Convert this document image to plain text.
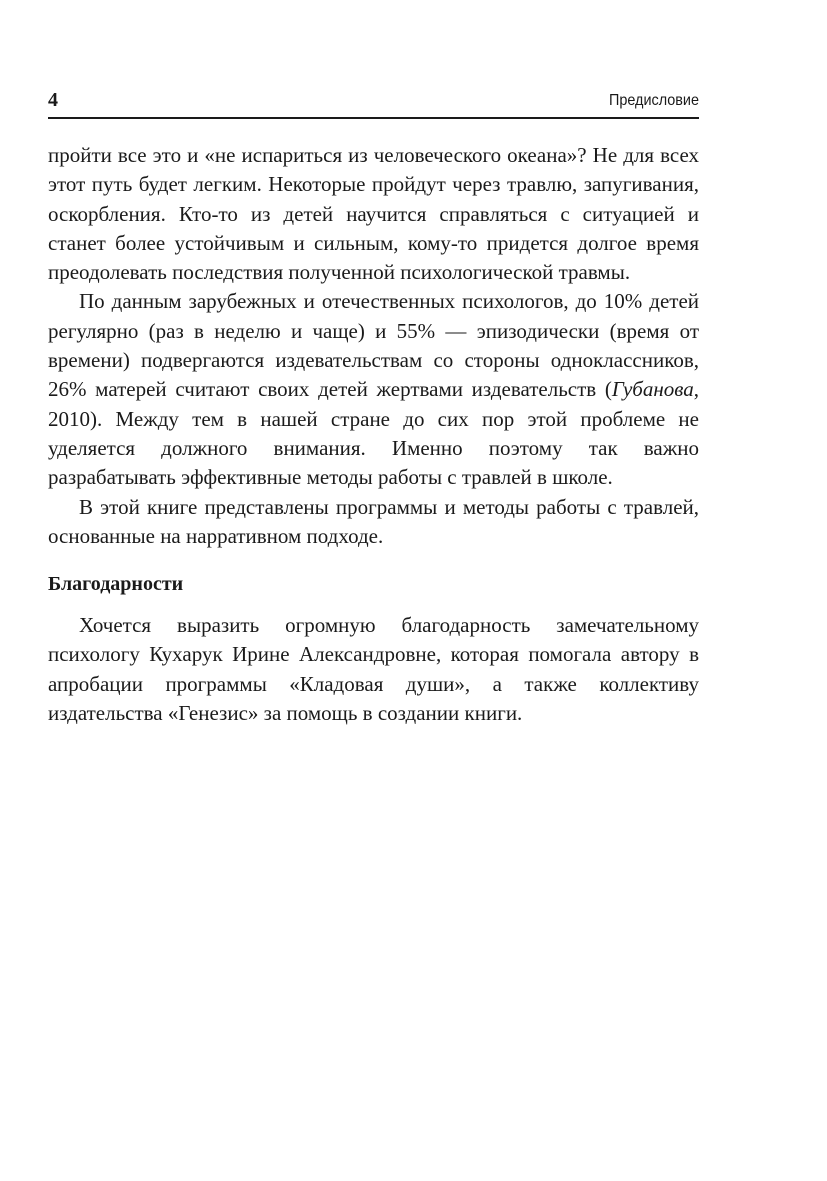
4	Предисловие

пройти все это и «не испариться из человеческого океана»? Не для всех этот путь будет легким. Некоторые пройдут через травлю, запугивания, оскорбления. Кто-то из детей научится справляться с ситуацией и станет более устойчивым и сильным, кому-то придется долгое время преодолевать последствия полученной психологической травмы.

По данным зарубежных и отечественных психологов, до 10% детей регулярно (раз в неделю и чаще) и 55% — эпизодически (время от времени) подвергаются издевательствам со стороны одноклассников, 26% матерей считают своих детей жертвами издевательств (Губанова, 2010). Между тем в нашей стране до сих пор этой проблеме не уделяется должного внимания. Именно поэтому так важно разрабатывать эффективные методы работы с травлей в школе.

В этой книге представлены программы и методы работы с травлей, основанные на нарративном подходе.

Благодарности

Хочется выразить огромную благодарность замечательному психологу Кухарук Ирине Александровне, которая помогала автору в апробации программы «Кладовая души», а также коллективу издательства «Генезис» за помощь в создании книги.
